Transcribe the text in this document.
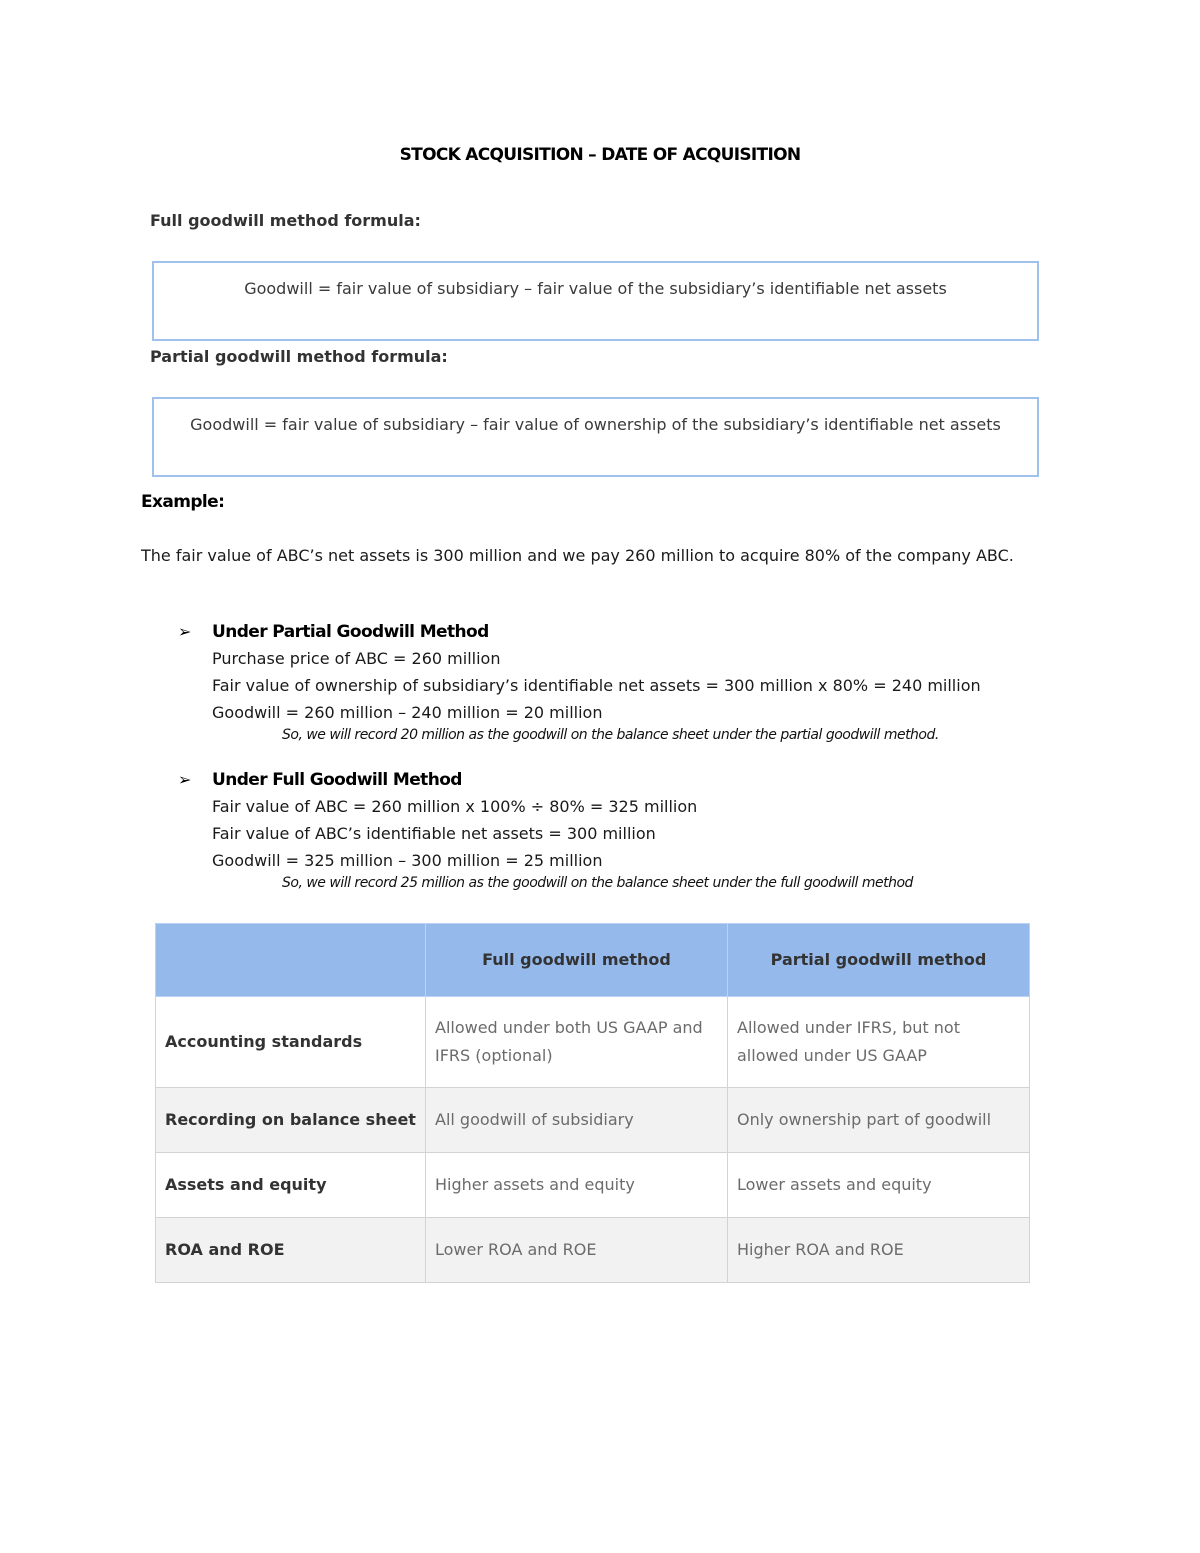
STOCK ACQUISITION – DATE OF ACQUISITION
Full goodwill method formula:
Goodwill = fair value of subsidiary – fair value of the subsidiary’s identifiable net assets
Partial goodwill method formula:
Goodwill = fair value of subsidiary – fair value of ownership of the subsidiary’s identifiable net assets
Example:
The fair value of ABC’s net assets is 300 million and we pay 260 million to acquire 80% of the company ABC.
➢ Under Partial Goodwill Method
Purchase price of ABC = 260 million
Fair value of ownership of subsidiary’s identifiable net assets = 300 million x 80% = 240 million
Goodwill = 260 million – 240 million = 20 million
So, we will record 20 million as the goodwill on the balance sheet under the partial goodwill method.
➢ Under Full Goodwill Method
Fair value of ABC = 260 million x 100% ÷ 80% = 325 million
Fair value of ABC’s identifiable net assets = 300 million
Goodwill = 325 million – 300 million = 25 million
So, we will record 25 million as the goodwill on the balance sheet under the full goodwill method
	Full goodwill method	Partial goodwill method
Accounting standards	Allowed under both US GAAP and IFRS (optional)	Allowed under IFRS, but not allowed under US GAAP
Recording on balance sheet	All goodwill of subsidiary	Only ownership part of goodwill
Assets and equity	Higher assets and equity	Lower assets and equity
ROA and ROE	Lower ROA and ROE	Higher ROA and ROE
